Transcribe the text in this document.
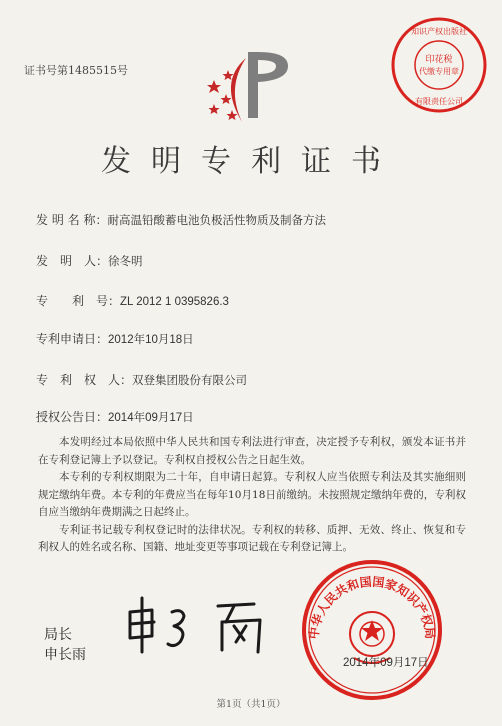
证书号第1485515号
印花税
代缴专用章
知识产权出版社
有限责任公司
发明专利证书
发 明 名 称：耐高温铅酸蓄电池负极活性物质及制备方法
发　明　人：徐冬明
专　　利　号：ZL 2012 1 0395826.3
专利申请日：2012年10月18日
专　利　权　人：双登集团股份有限公司
授权公告日：2014年09月17日

本发明经过本局依照中华人民共和国专利法进行审查，决定授予专利权，颁发本证书并在专利登记簿上予以登记。专利权自授权公告之日起生效。

本专利的专利权期限为二十年，自申请日起算。专利权人应当依照专利法及其实施细则规定缴纳年费。本专利的年费应当在每年10月18日前缴纳。未按照规定缴纳年费的，专利权自应当缴纳年费期满之日起终止。

专利证书记载专利权登记时的法律状况。专利权的转移、质押、无效、终止、恢复和专利权人的姓名或名称、国籍、地址变更等事项记载在专利登记簿上。

局长
申长雨
中华人民共和国国家知识产权局
2014年09月17日
第1页（共1页）
